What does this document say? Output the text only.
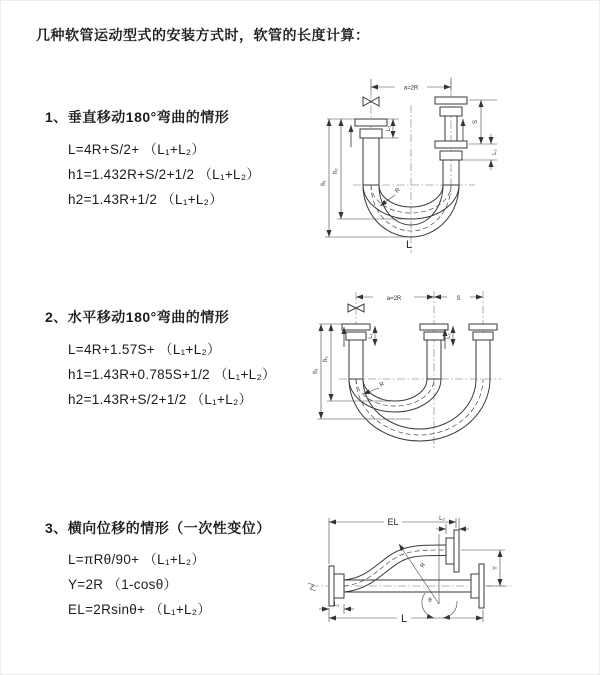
几种软管运动型式的安装方式时，软管的长度计算：
1、垂直移动180°弯曲的情形
L=4R+S/2+ （L₁+L₂）
h1=1.432R+S/2+1/2 （L₁+L₂）
h2=1.43R+1/2 （L₁+L₂）
a=2R
h₂
h₁
L₁
S
L₂
R
L
2、水平移动180°弯曲的情形
L=4R+1.57S+ （L₁+L₂）
h1=1.43R+0.785S+1/2 （L₁+L₂）
h2=1.43R+S/2+1/2 （L₁+L₂）
a=2R	S
h₂
h₁
L₁	L₂
R
3、横向位移的情形（一次性变位）
L=πRθ/90+ （L₁+L₂）
Y=2R （1-cosθ）
EL=2Rsinθ+ （L₁+L₂）
θ
R
EL	L₂
Y
L
L₁
